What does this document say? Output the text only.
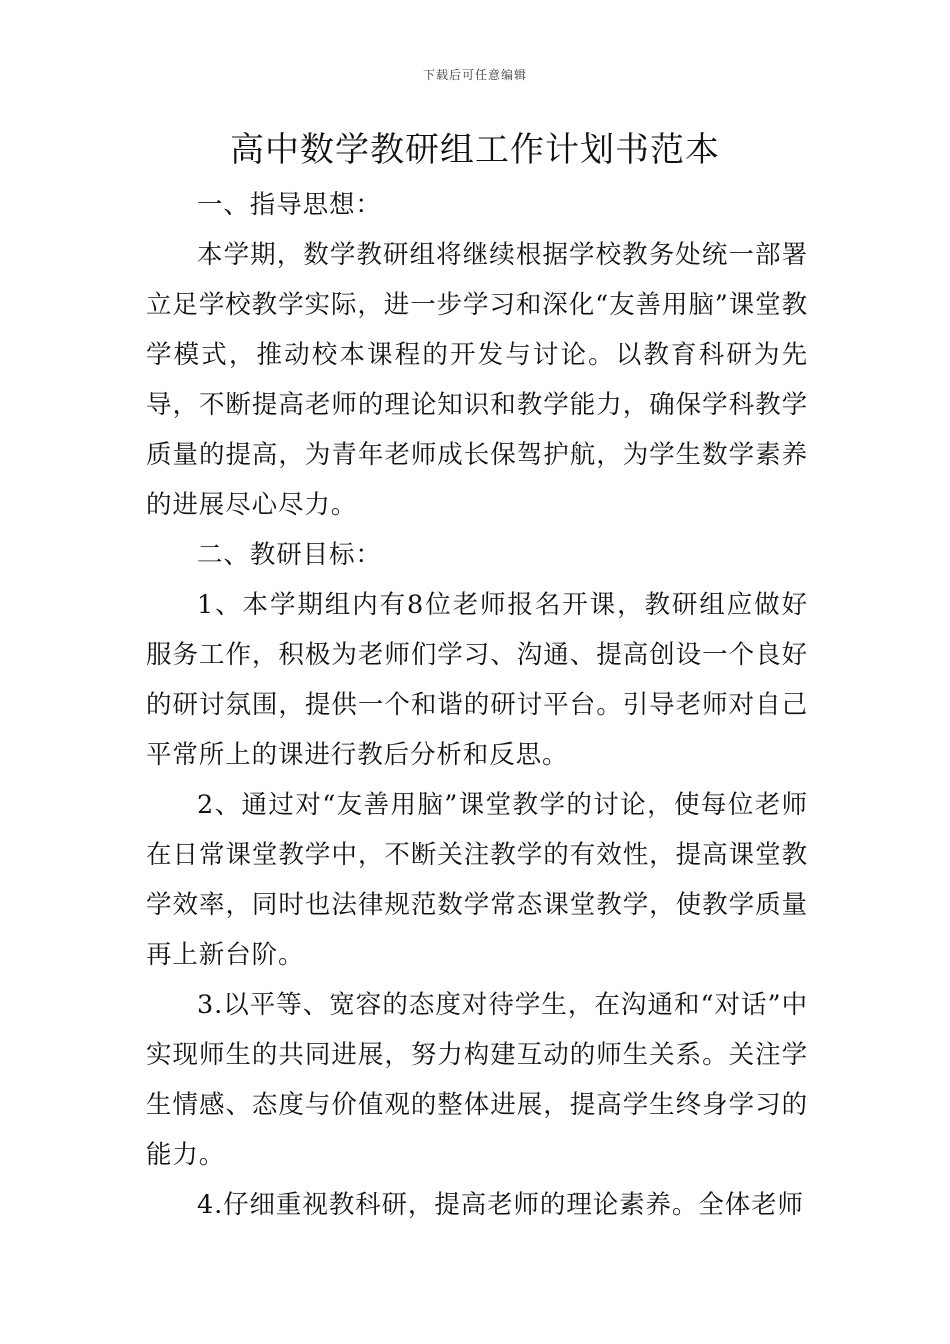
下载后可任意编辑
高中数学教研组工作计划书范本

一、指导思想：

本学期，数学教研组将继续根据学校教务处统一部署立足学校教学实际，进一步学习和深化“友善用脑”课堂教学模式，推动校本课程的开发与讨论。以教育科研为先导，不断提高老师的理论知识和教学能力，确保学科教学质量的提高，为青年老师成长保驾护航，为学生数学素养的进展尽心尽力。

二、教研目标：

1、本学期组内有8位老师报名开课，教研组应做好服务工作，积极为老师们学习、沟通、提高创设一个良好的研讨氛围，提供一个和谐的研讨平台。引导老师对自己平常所上的课进行教后分析和反思。

2、通过对“友善用脑”课堂教学的讨论，使每位老师在日常课堂教学中，不断关注教学的有效性，提高课堂教学效率，同时也法律规范数学常态课堂教学，使教学质量再上新台阶。

3.以平等、宽容的态度对待学生，在沟通和“对话”中实现师生的共同进展，努力构建互动的师生关系。关注学生情感、态度与价值观的整体进展，提高学生终身学习的能力。

4.仔细重视教科研，提高老师的理论素养。全体老师
